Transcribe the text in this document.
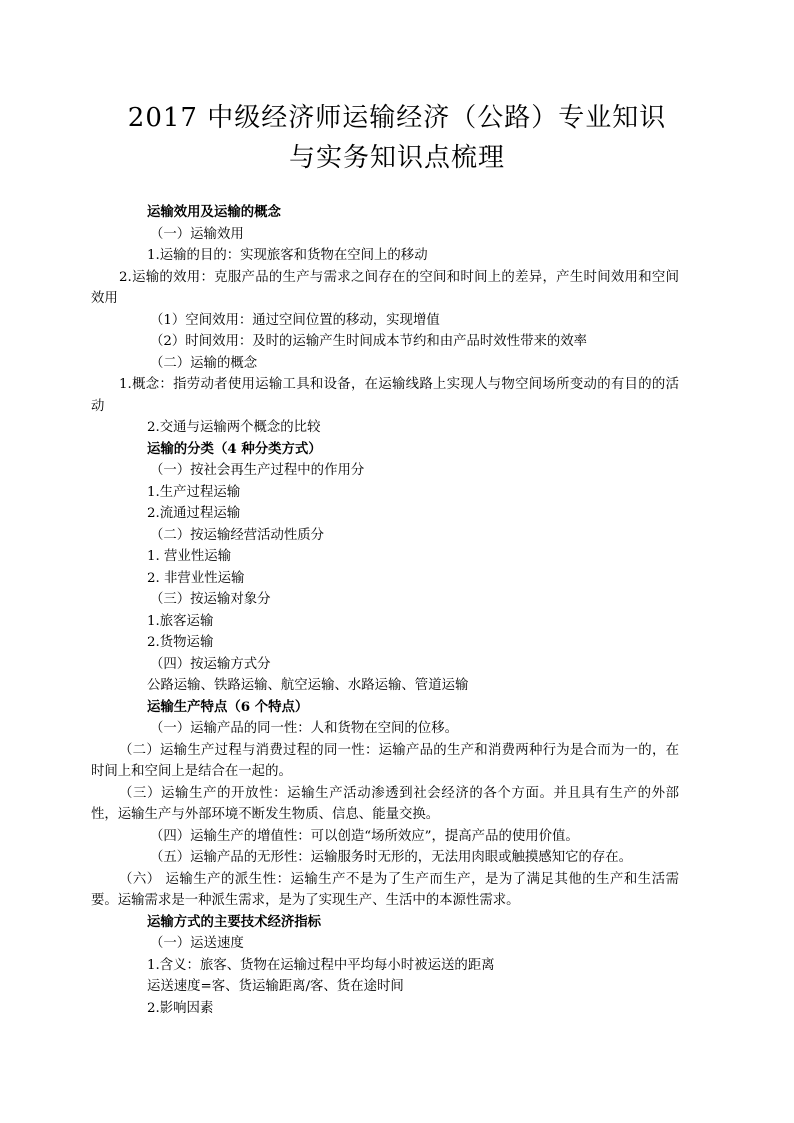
2017 中级经济师运输经济（公路）专业知识
与实务知识点梳理

运输效用及运输的概念

（一）运输效用

1.运输的目的：实现旅客和货物在空间上的移动

2.运输的效用：克服产品的生产与需求之间存在的空间和时间上的差异，产生时间效用和空间效用

（1）空间效用：通过空间位置的移动，实现增值

（2）时间效用：及时的运输产生时间成本节约和由产品时效性带来的效率

（二）运输的概念

1.概念：指劳动者使用运输工具和设备，在运输线路上实现人与物空间场所变动的有目的的活动

2.交通与运输两个概念的比较

运输的分类（4 种分类方式）

（一）按社会再生产过程中的作用分

1.生产过程运输

2.流通过程运输

（二）按运输经营活动性质分

1. 营业性运输

2. 非营业性运输

（三）按运输对象分

1.旅客运输

2.货物运输

（四）按运输方式分

公路运输、铁路运输、航空运输、水路运输、管道运输

运输生产特点（6 个特点）

（一）运输产品的同一性：人和货物在空间的位移。

（二）运输生产过程与消费过程的同一性：运输产品的生产和消费两种行为是合而为一的，在时间上和空间上是结合在一起的。

（三）运输生产的开放性：运输生产活动渗透到社会经济的各个方面。并且具有生产的外部性，运输生产与外部环境不断发生物质、信息、能量交换。

（四）运输生产的增值性：可以创造“场所效应”，提高产品的使用价值。

（五）运输产品的无形性：运输服务时无形的，无法用肉眼或触摸感知它的存在。

（六） 运输生产的派生性：运输生产不是为了生产而生产，是为了满足其他的生产和生活需要。运输需求是一种派生需求，是为了实现生产、生活中的本源性需求。

运输方式的主要技术经济指标

（一）运送速度

1.含义：旅客、货物在运输过程中平均每小时被运送的距离

运送速度=客、货运输距离/客、货在途时间

2.影响因素
